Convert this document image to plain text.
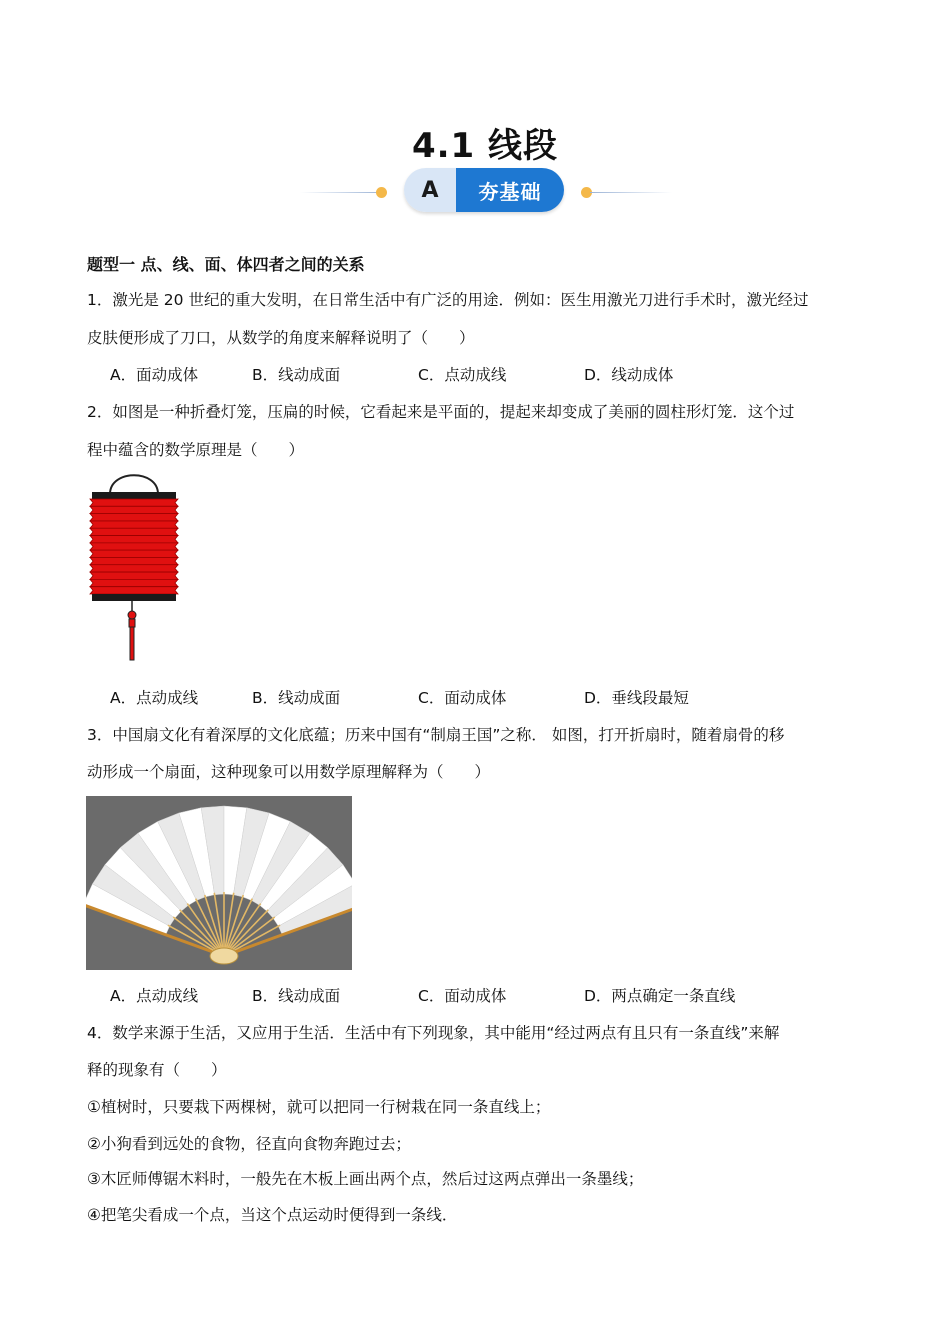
4.1 线段
A	夯基础
题型一 点、线、面、体四者之间的关系
1．激光是 20 世纪的重大发明，在日常生活中有广泛的用途．例如：医生用激光刀进行手术时，激光经过
皮肤便形成了刀口，从数学的角度来解释说明了（　　）
A．面动成体	B．线动成面	C．点动成线	D．线动成体
2．如图是一种折叠灯笼，压扁的时候，它看起来是平面的，提起来却变成了美丽的圆柱形灯笼．这个过
程中蕴含的数学原理是（　　）
A．点动成线	B．线动成面	C．面动成体	D．垂线段最短
3．中国扇文化有着深厚的文化底蕴；历来中国有“制扇王国”之称． 如图，打开折扇时，随着扇骨的移
动形成一个扇面，这种现象可以用数学原理解释为（　　）
A．点动成线	B．线动成面	C．面动成体	D．两点确定一条直线
4．数学来源于生活，又应用于生活．生活中有下列现象，其中能用“经过两点有且只有一条直线”来解
释的现象有（　　）
①植树时，只要栽下两棵树，就可以把同一行树栽在同一条直线上；
②小狗看到远处的食物，径直向食物奔跑过去；
③木匠师傅锯木料时，一般先在木板上画出两个点，然后过这两点弹出一条墨线；
④把笔尖看成一个点，当这个点运动时便得到一条线．
